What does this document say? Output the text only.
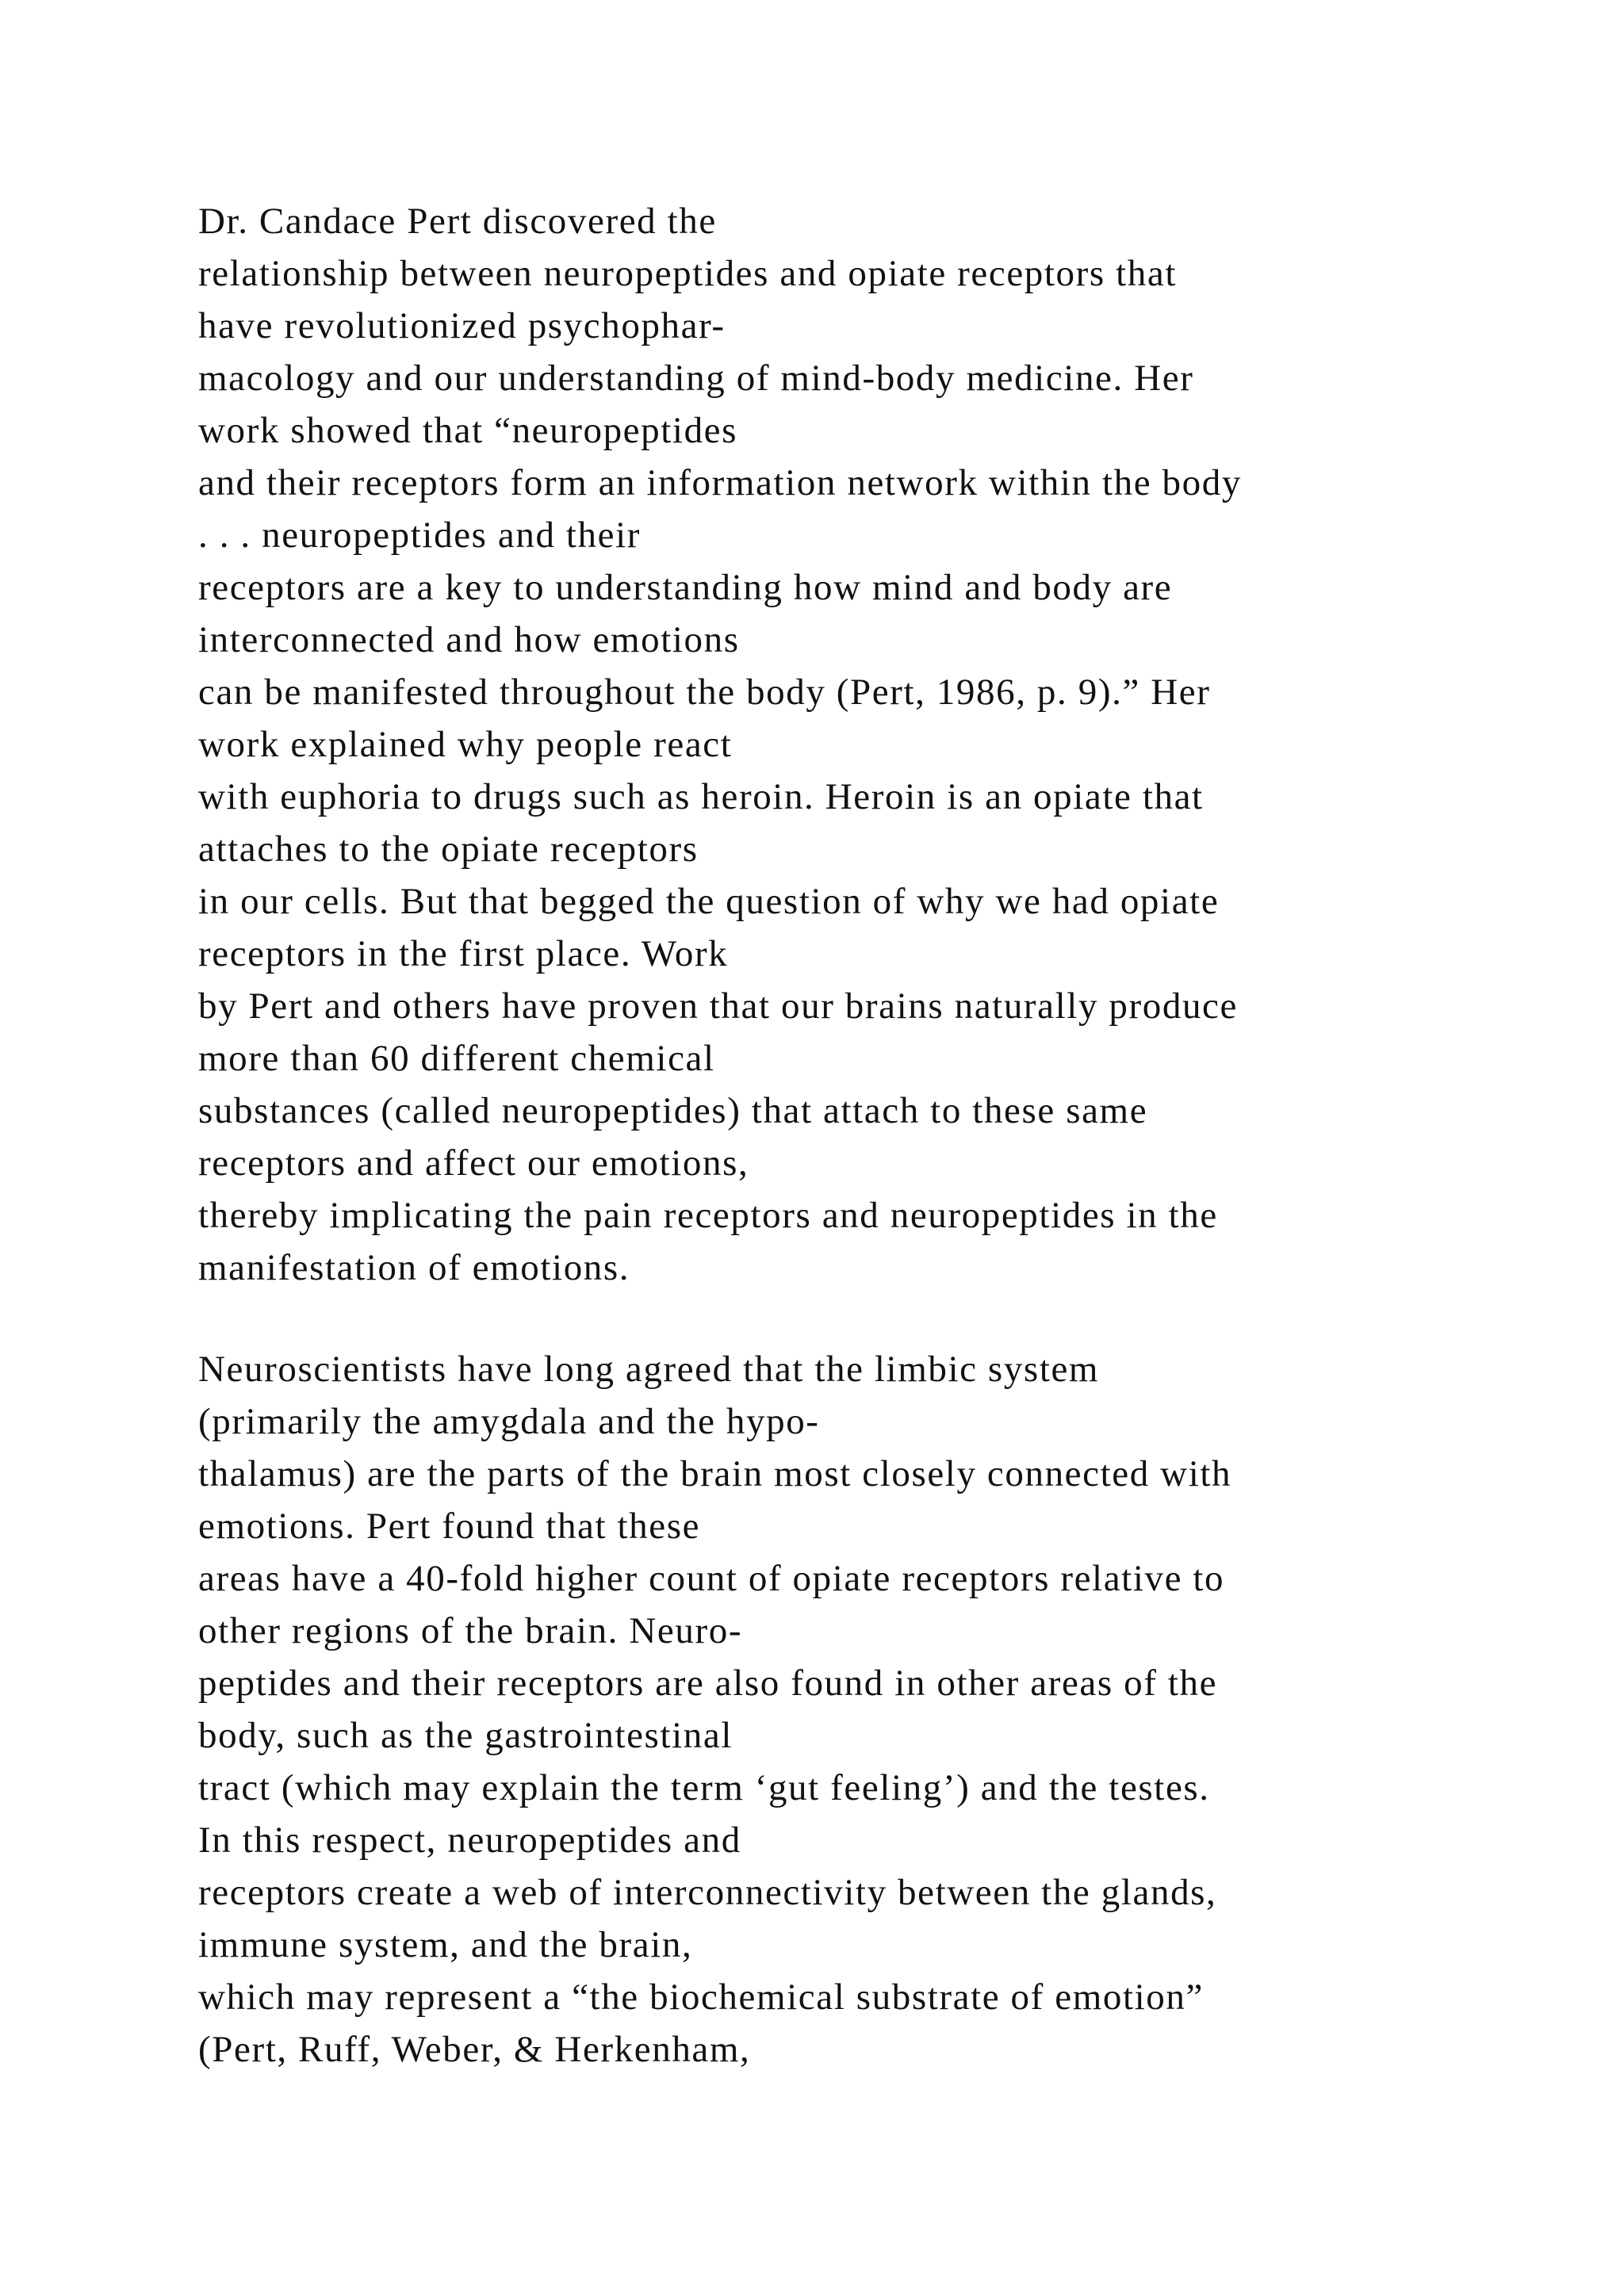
Dr. Candace Pert discovered the
relationship between neuropeptides and opiate receptors that
have revolutionized psychophar-
macology and our understanding of mind-body medicine. Her
work showed that “neuropeptides
and their receptors form an information network within the body
. . . neuropeptides and their
receptors are a key to understanding how mind and body are
interconnected and how emotions
can be manifested throughout the body (Pert, 1986, p. 9).” Her
work explained why people react
with euphoria to drugs such as heroin. Heroin is an opiate that
attaches to the opiate receptors
in our cells. But that begged the question of why we had opiate
receptors in the first place. Work
by Pert and others have proven that our brains naturally produce
more than 60 different chemical
substances (called neuropeptides) that attach to these same
receptors and affect our emotions,
thereby implicating the pain receptors and neuropeptides in the
manifestation of emotions.
Neuroscientists have long agreed that the limbic system
(primarily the amygdala and the hypo-
thalamus) are the parts of the brain most closely connected with
emotions. Pert found that these
areas have a 40-fold higher count of opiate receptors relative to
other regions of the brain. Neuro-
peptides and their receptors are also found in other areas of the
body, such as the gastrointestinal
tract (which may explain the term ‘gut feeling’) and the testes.
In this respect, neuropeptides and
receptors create a web of interconnectivity between the glands,
immune system, and the brain,
which may represent a “the biochemical substrate of emotion”
(Pert, Ruff, Weber, & Herkenham,
